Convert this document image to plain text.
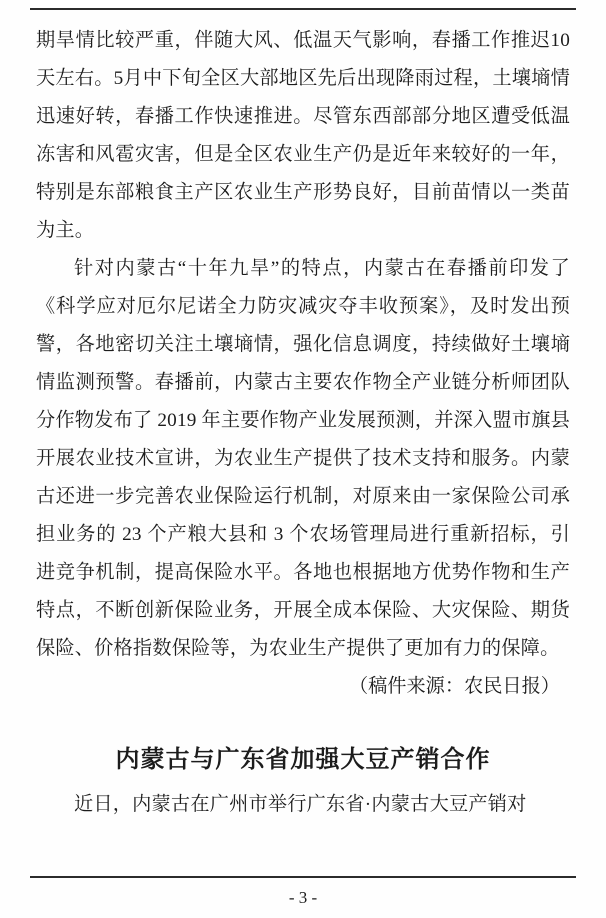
期旱情比较严重，伴随大风、低温天气影响，春播工作推迟10天左右。5月中下旬全区大部地区先后出现降雨过程，土壤墒情迅速好转，春播工作快速推进。尽管东西部部分地区遭受低温冻害和风雹灾害，但是全区农业生产仍是近年来较好的一年，特别是东部粮食主产区农业生产形势良好，目前苗情以一类苗为主。

针对内蒙古“十年九旱”的特点，内蒙古在春播前印发了《科学应对厄尔尼诺全力防灾减灾夺丰收预案》，及时发出预警，各地密切关注土壤墒情，强化信息调度，持续做好土壤墒情监测预警。春播前，内蒙古主要农作物全产业链分析师团队分作物发布了 2019 年主要作物产业发展预测，并深入盟市旗县开展农业技术宣讲，为农业生产提供了技术支持和服务。内蒙古还进一步完善农业保险运行机制，对原来由一家保险公司承担业务的 23 个产粮大县和 3 个农场管理局进行重新招标，引进竞争机制，提高保险水平。各地也根据地方优势作物和生产特点，不断创新保险业务，开展全成本保险、大灾保险、期货保险、价格指数保险等，为农业生产提供了更加有力的保障。

（稿件来源：农民日报）

内蒙古与广东省加强大豆产销合作

近日，内蒙古在广州市举行广东省·内蒙古大豆产销对

- 3 -
